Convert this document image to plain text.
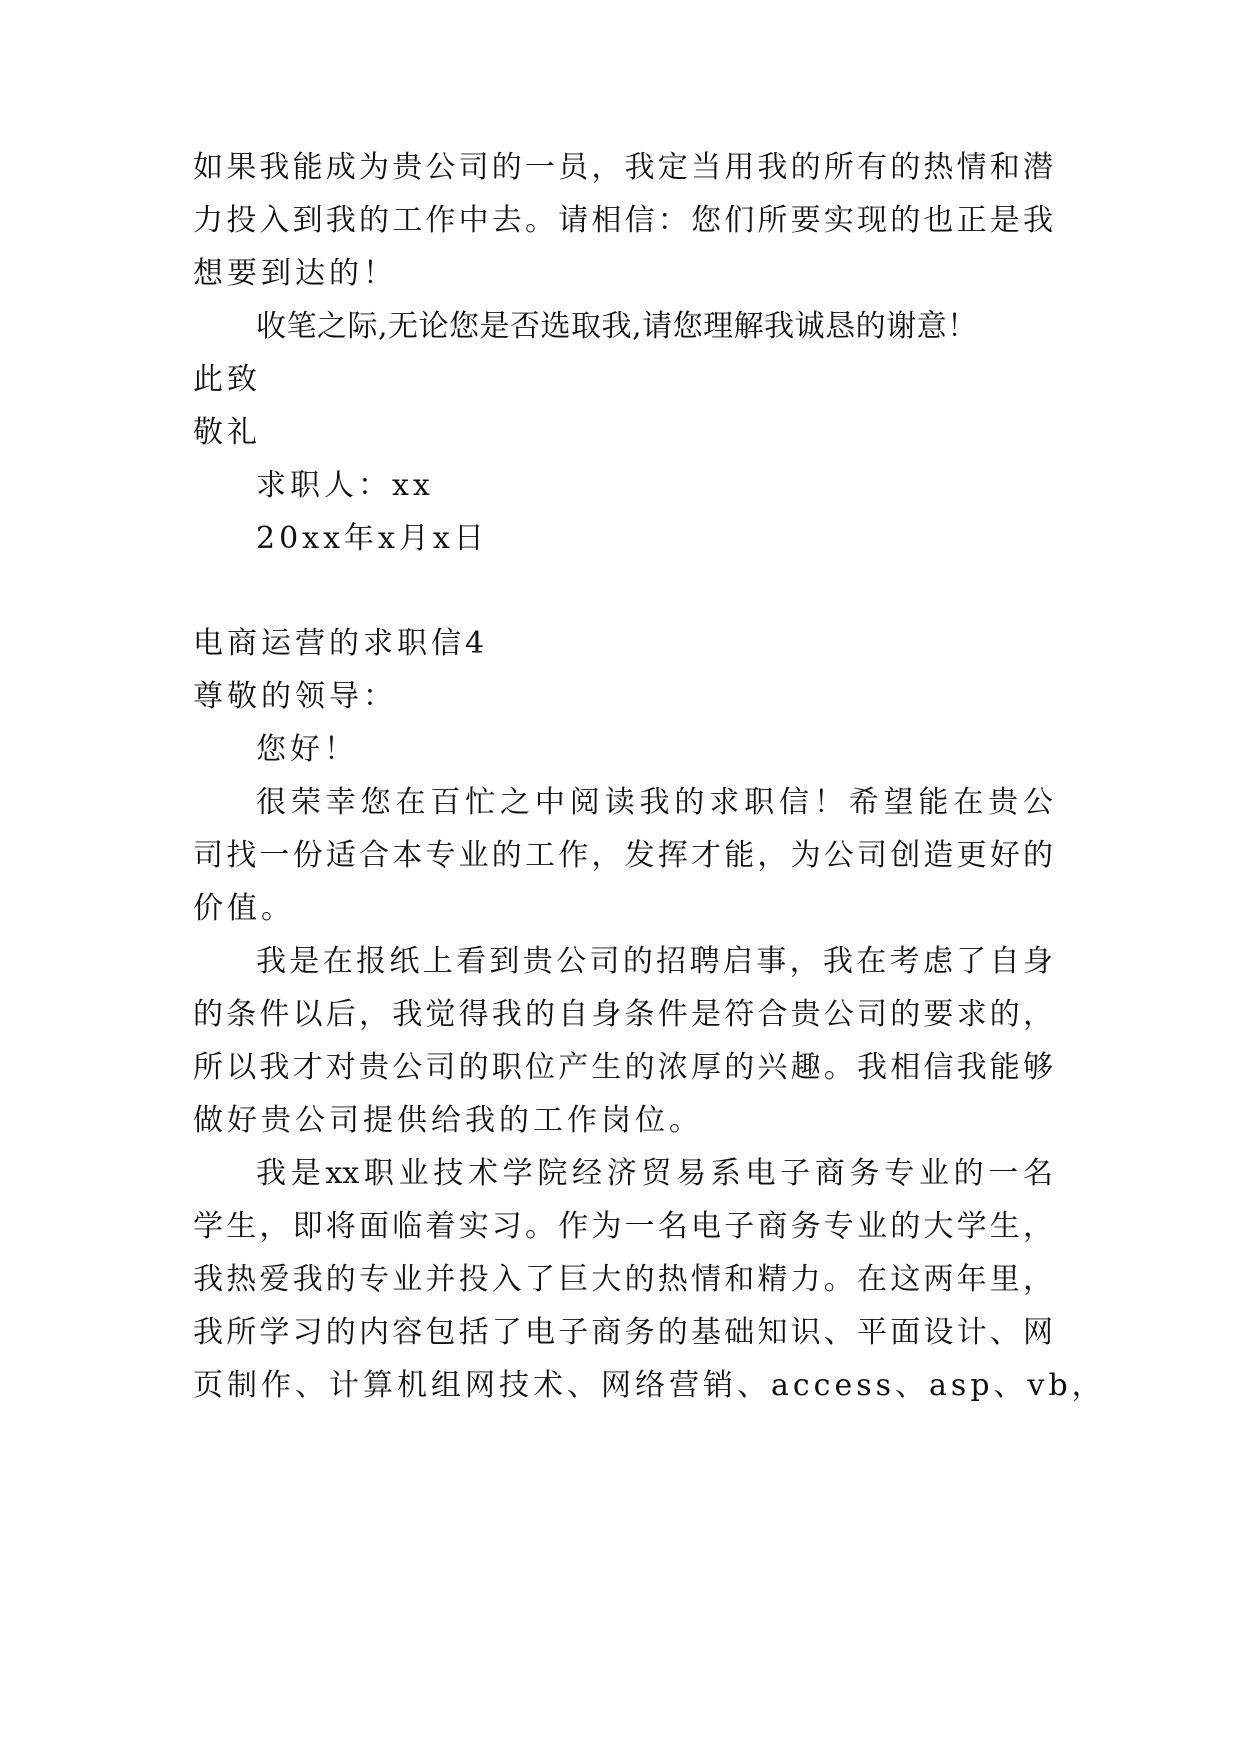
如果我能成为贵公司的一员，我定当用我的所有的热情和潜
力投入到我的工作中去。请相信：您们所要实现的也正是我
想要到达的！
收笔之际,无论您是否选取我,请您理解我诚恳的谢意！
此致
敬礼
求职人：xx
20xx年x月x日
电商运营的求职信4
尊敬的领导：
您好！
很荣幸您在百忙之中阅读我的求职信！希望能在贵公
司找一份适合本专业的工作，发挥才能，为公司创造更好的
价值。
我是在报纸上看到贵公司的招聘启事，我在考虑了自身
的条件以后，我觉得我的自身条件是符合贵公司的要求的，
所以我才对贵公司的职位产生的浓厚的兴趣。我相信我能够
做好贵公司提供给我的工作岗位。
我是xx职业技术学院经济贸易系电子商务专业的一名
学生，即将面临着实习。作为一名电子商务专业的大学生，
我热爱我的专业并投入了巨大的热情和精力。在这两年里，
我所学习的内容包括了电子商务的基础知识、平面设计、网
页制作、计算机组网技术、网络营销、access、asp、vb，
